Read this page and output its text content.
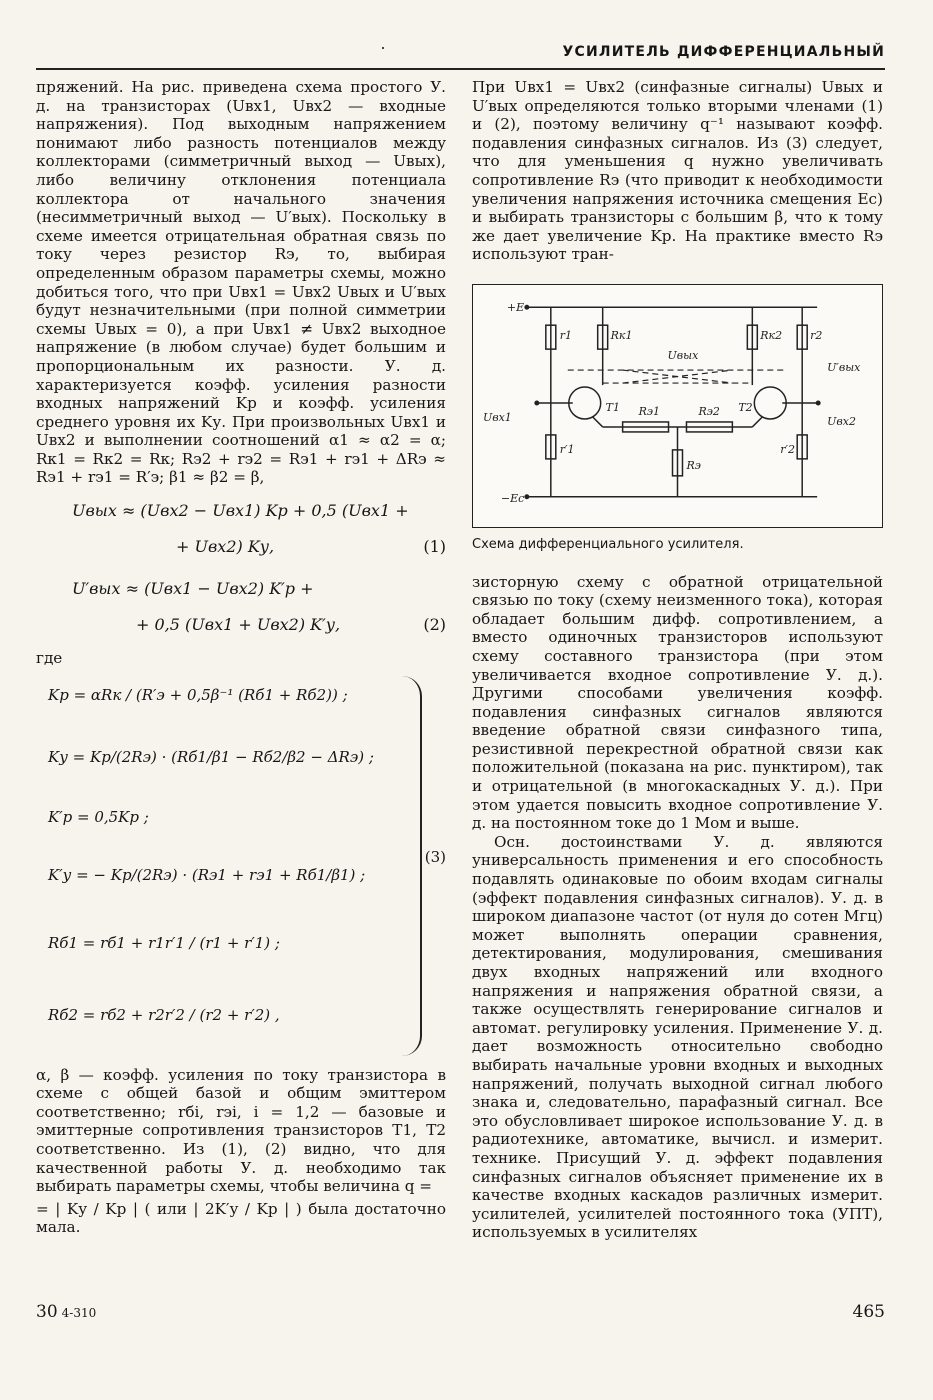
УСИЛИТЕЛЬ ДИФФЕРЕНЦИАЛЬНЫЙ

пряжений. На рис. приведена схема простого У. д. на транзисторах (Uвх1, Uвх2 — входные напряжения). Под выходным напряжением понимают либо разность потенциалов между коллекторами (симметричный выход — Uвых), либо величину отклонения потенциала коллектора от начального значения (несимметричный выход — U′вых). Поскольку в схеме имеется отрицательная обратная связь по току через резистор Rэ, то, выбирая определенным образом параметры схемы, можно добиться того, что при Uвх1 = Uвх2 Uвых и U′вых будут незначительными (при полной симметрии схемы Uвых = 0), а при Uвх1 ≠ Uвх2 выходное напряжение (в любом случае) будет большим и пропорциональным их разности. У. д. характеризуется коэфф. усиления разности входных напряжений Kр и коэфф. усиления среднего уровня их Kу. При произвольных Uвх1 и Uвх2 и выполнении соотношений α1 ≈ α2 = α; Rк1 = Rк2 = Rк; Rэ2 + rэ2 = Rэ1 + rэ1 + ΔRэ ≈ Rэ1 + rэ1 = R′э; β1 ≈ β2 = β,

Uвых ≈ (Uвх2 − Uвх1) Kр + 0,5 (Uвх1 +
+ Uвх2) Kу,	(1)
U′вых ≈ (Uвх1 − Uвх2) K′р +
+ 0,5 (Uвх1 + Uвх2) K′у,	(2)

где

Kр = αRк / (R′э + 0,5β⁻¹ (Rб1 + Rб2)) ;
Kу = Kр/(2Rэ) · (Rб1/β1 − Rб2/β2 − ΔRэ) ;
K′р = 0,5Kр ;
K′у = − Kр/(2Rэ) · (Rэ1 + rэ1 + Rб1/β1) ;
Rб1 = rб1 + r1r′1 / (r1 + r′1) ;
Rб2 = rб2 + r2r′2 / (r2 + r′2) ,
(3)

α, β — коэфф. усиления по току транзистора в схеме с общей базой и общим эмиттером соответственно; rбi, rэi, i = 1,2 — базовые и эмиттерные сопротивления транзисторов T1, T2 соответственно. Из (1), (2) видно, что для качественной работы У. д. необходимо так выбирать параметры схемы, чтобы величина q =

= | Kу / Kр | ( или | 2K′у / Kр | ) была достаточно мала.

При Uвх1 = Uвх2 (синфазные сигналы) Uвых и U′вых определяются только вторыми членами (1) и (2), поэтому величину q⁻¹ называют коэфф. подавления синфазных сигналов. Из (3) следует, что для уменьшения q нужно увеличивать сопротивление Rэ (что приводит к необходимости увеличения напряжения источника смещения Eс) и выбирать транзисторы с большим β, что к тому же дает увеличение Kр. На практике вместо Rэ используют тран-

+E
−Eс
r1	Rк1
Uвых
Rк2	r2
U′вых
Uвх1
T1 Rэ1	Rэ2 T2
Uвх2
r′1	r′2
Rэ
Схема дифференциального усилителя.

зисторную схему с обратной отрицательной связью по току (схему неизменного тока), которая обладает большим дифф. сопротивлением, а вместо одиночных транзисторов используют схему составного транзистора (при этом увеличивается входное сопротивление У. д.). Другими способами увеличения коэфф. подавления синфазных сигналов являются введение обратной связи синфазного типа, резистивной перекрестной обратной связи как положительной (показана на рис. пунктиром), так и отрицательной (в многокаскадных У. д.). При этом удается повысить входное сопротивление У. д. на постоянном токе до 1 Мом и выше.

Осн. достоинствами У. д. являются универсальность применения и его способность подавлять одинаковые по обоим входам сигналы (эффект подавления синфазных сигналов). У. д. в широком диапазоне частот (от нуля до сотен Мгц) может выполнять операции сравнения, детектирования, модулирования, смешивания двух входных напряжений или входного напряжения и напряжения обратной связи, а также осуществлять генерирование сигналов и автомат. регулировку усиления. Применение У. д. дает возможность относительно свободно выбирать начальные уровни входных и выходных напряжений, получать выходной сигнал любого знака и, следовательно, парафазный сигнал. Все это обусловливает широкое использование У. д. в радиотехнике, автоматике, вычисл. и измерит. технике. Присущий У. д. эффект подавления синфазных сигналов объясняет применение их в качестве входных каскадов различных измерит. усилителей, усилителей постоянного тока (УПТ), используемых в усилителях

30 4-310	465
